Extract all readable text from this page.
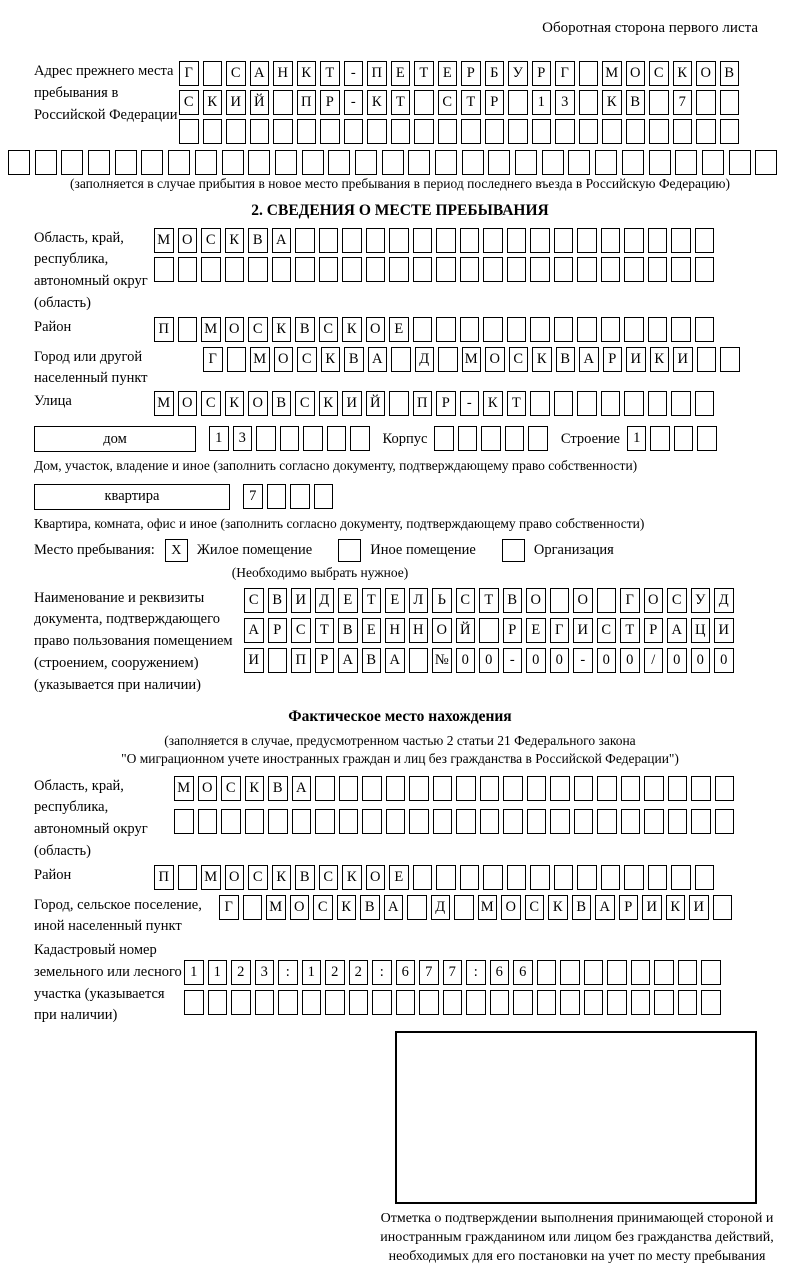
Оборотная сторона первого листа
Адрес прежнего места пребывания в Российской Федерации
Г	С А Н К Т - П Е Т Е Р Б У Р Г	М О С К О В
С К И Й	П Р - К Т	С Т Р	1 3	К В	7
(заполняется в случае прибытия в новое место пребывания в период последнего въезда в Российскую Федерацию)
2. СВЕДЕНИЯ О МЕСТЕ ПРЕБЫВАНИЯ
Область, край, республика, автономный округ (область)
М О С К В А
Район	П М О С К В С К О Е
Город или другой населенный пункт
Г	М О С К В А	Д М О С К В А Р И К И
Улица	М О С К О В С К И Й	П Р - К Т
дом	1 3	Корпус	Строение 1
Дом, участок, владение и иное (заполнить согласно документу, подтверждающему право собственности)
квартира	7
Квартира, комната, офис и иное (заполнить согласно документу, подтверждающему право собственности)
Место пребывания:	X	Жилое помещение	Иное помещение	Организация
(Необходимо выбрать нужное)
Наименование и реквизиты документа, подтверждающего право пользования помещением (строением, сооружением) (указывается при наличии)
С В И Д Е Т Е Л Ь С Т В О	О	Г О С У Д
А Р С Т В Е Н Н О Й	Р Е Г И С Т Р А Ц И
И	П Р А В А № 0 0 - 0 0 - 0 0 / 0 0 0
Фактическое место нахождения
(заполняется в случае, предусмотренном частью 2 статьи 21 Федерального закона
"О миграционном учете иностранных граждан и лиц без гражданства в Российской Федерации")
Область, край, республика, автономный округ (область)
М О С К В А
Район	П М О С К В С К О Е
Город, сельское поселение, иной населенный пункт
Г	М О С К В А	Д М О С К В А Р И К И
Кадастровый номер земельного или лесного участка (указывается при наличии)
1 1 2 3 : 1 2 2 : 6 7 7 : 6 6
Отметка о подтверждении выполнения принимающей стороной и иностранным гражданином или лицом без гражданства действий, необходимых для его постановки на учет по месту пребывания
